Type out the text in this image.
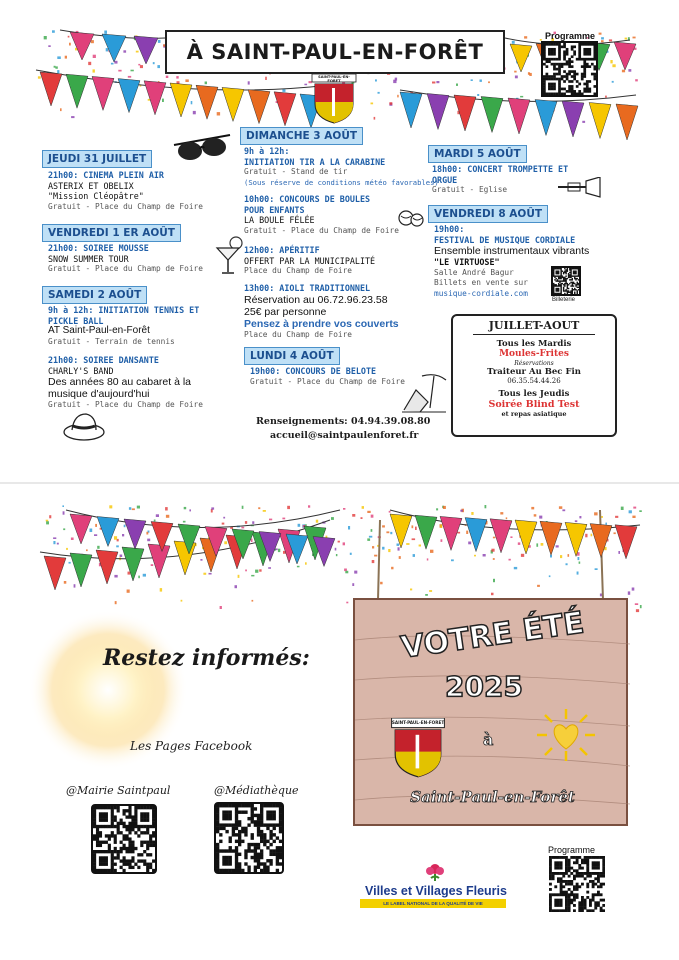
À SAINT-PAUL-EN-FORÊT
SAINT-PAUL-EN-FORET
Programme
JEUDI 31 JUILLET
21h00: CINEMA PLEIN AIR
ASTERIX ET OBELIX
"Mission Cléopâtre"
Gratuit - Place du Champ de Foire
VENDREDI 1 ER AOÛT
21h00: SOIREE MOUSSE
SNOW SUMMER TOUR
Gratuit - Place du Champ de Foire
SAMEDI 2 AOÛT
9h à 12h: INITIATION TENNIS ET
PICKLE BALL
AT Saint-Paul-en-Forêt
Gratuit - Terrain de tennis
21h00: SOIREE DANSANTE
CHARLY'S BAND
Des années 80 au cabaret à la
musique d'aujourd'hui
Gratuit - Place du Champ de Foire
DIMANCHE 3 AOÛT
9h à 12h:
INITIATION TIR A LA CARABINE
Gratuit - Stand de tir
(Sous réserve de conditions météo favorables)
10h00: CONCOURS DE BOULES
POUR ENFANTS
LA BOULE FÉLÉE
Gratuit - Place du Champ de Foire
12h00: APÉRITIF
OFFERT PAR LA MUNICIPALITÉ
Place du Champ de Foire
13h00: AIOLI TRADITIONNEL
Réservation au 06.72.96.23.58
25€ par personne
Pensez à prendre vos couverts
Place du Champ de Foire
LUNDI 4 AOÛT
19h00: CONCOURS DE BELOTE
Gratuit - Place du Champ de Foire
Renseignements: 04.94.39.08.80
accueil@saintpaulenforet.fr
MARDI 5 AOÛT
18h00: CONCERT TROMPETTE ET
ORGUE
Gratuit - Eglise
VENDREDI 8 AOÛT
19h00:
FESTIVAL DE MUSIQUE CORDIALE
Ensemble instrumentaux vibrants
"LE VIRTUOSE"
Salle André Bagur
Billets en vente sur
musique-cordiale.com
Billeterie
JUILLET-AOUT
Tous les Mardis
Moules-Frites
Réservations
Traiteur Au Bec Fin
06.35.54.44.26
Tous les Jeudis
Soirée Blind Test
et repas asiatique
Restez informés:
Les Pages Facebook
@Mairie Saintpaul	@Médiathèque
VOTRE ÉTÉ
2025
à
Saint-Paul-en-Forêt
SAINT-PAUL-EN-FORET
Villes et Villages Fleuris
LE LABEL NATIONAL DE LA QUALITÉ DE VIE
Programme
